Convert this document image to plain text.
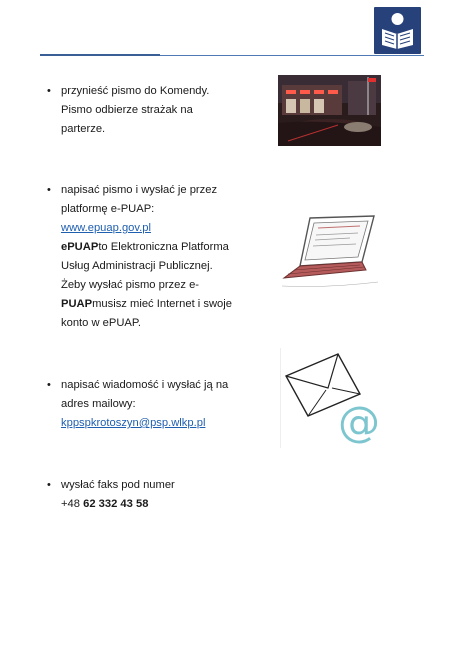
• przynieść pismo do Komendy.
Pismo odbierze strażak na
parterze.
• napisać pismo i wysłać je przez
platformę e-PUAP:
www.epuap.gov.pl
ePUAPto Elektroniczna Platforma
Usług Administracji Publicznej.
Żeby wysłać pismo przez e-
PUAPmusisz mieć Internet i swoje
konto w ePUAP.
• napisać wiadomość i wysłać ją na
adres mailowy:
kppspkrotoszyn@psp.wlkp.pl	@
• wysłać faks pod numer
+48 62 332 43 58
